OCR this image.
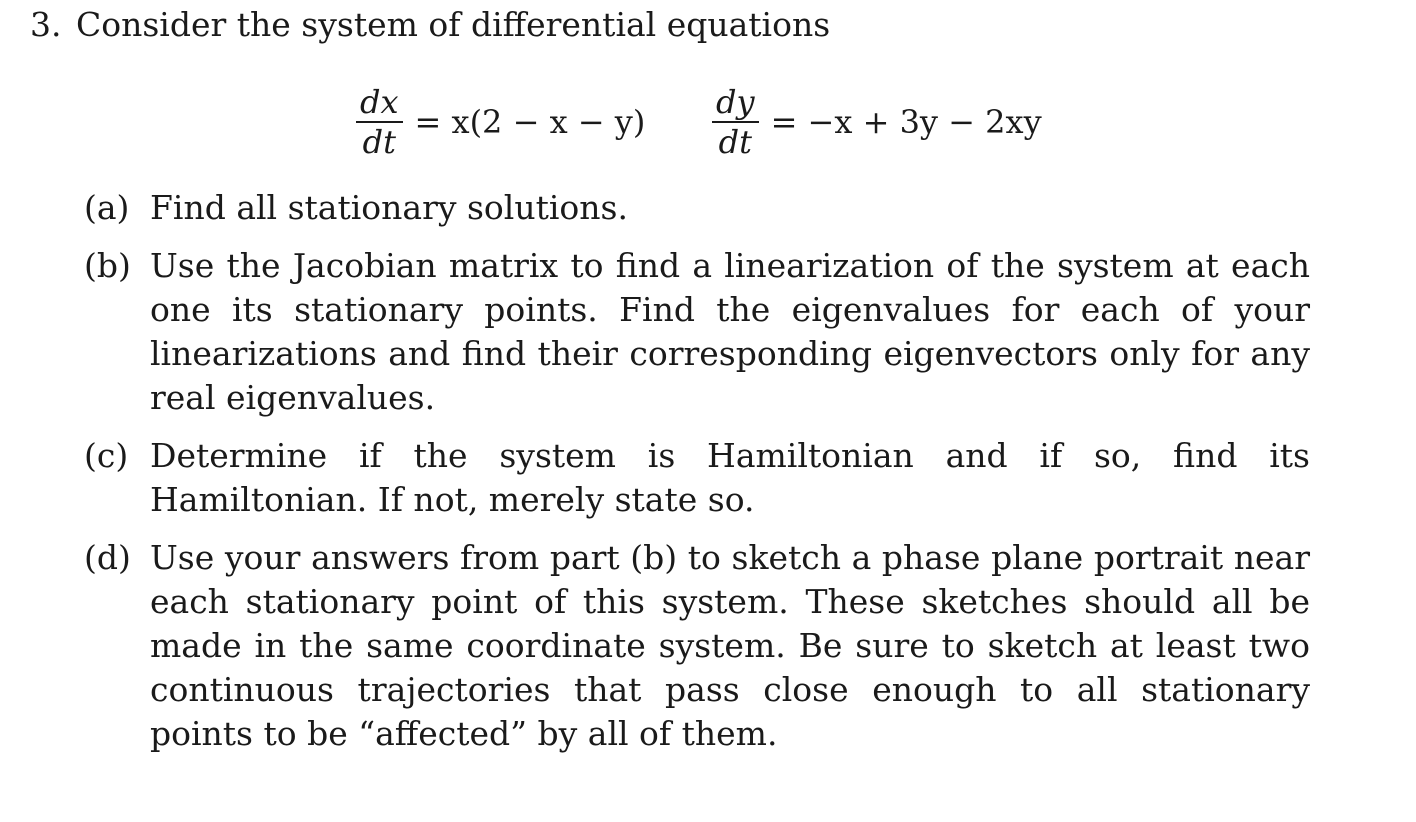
3. Consider the system of differential equations
$\frac{dx}{dt} = x(2 - x - y) \frac{dy}{dt} = -x + 3y - 2xy$
(a) Find all stationary solutions.
(b) Use the Jacobian matrix to find a linearization of the system at each one its stationary points. Find the eigenvalues for each of your linearizations and find their corresponding eigenvectors only for any real eigenvalues.
(c) Determine if the system is Hamiltonian and if so, find its Hamiltonian. If not, merely state so.
(d) Use your answers from part (b) to sketch a phase plane portrait near each stationary point of this system. These sketches should all be made in the same coordinate system. Be sure to sketch at least two continuous trajectories that pass close enough to all stationary points to be “affected” by all of them.
